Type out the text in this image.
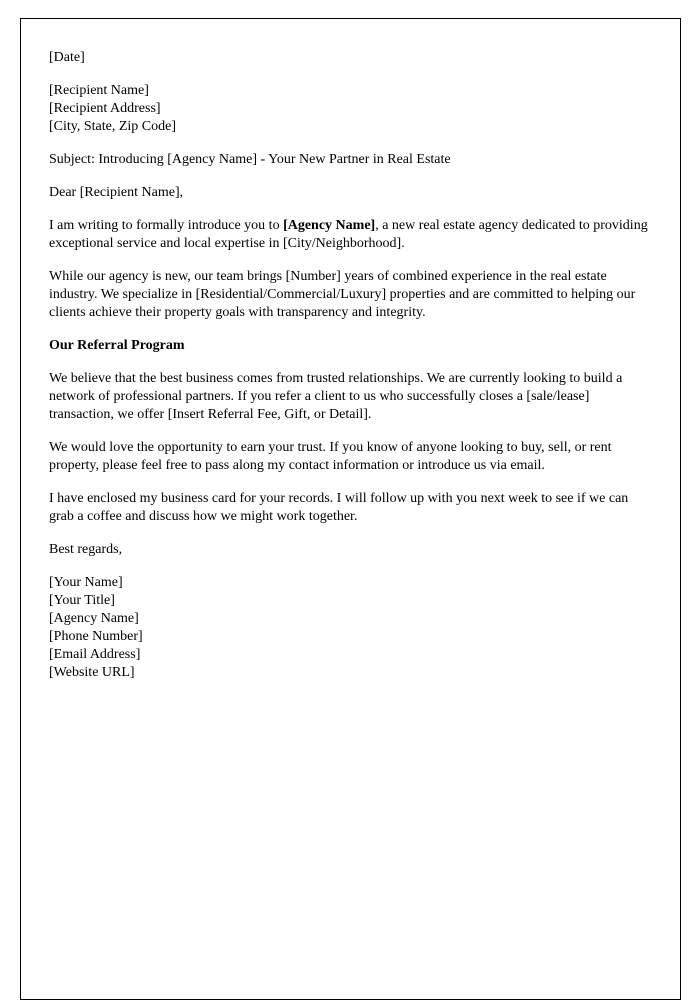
[Date]

[Recipient Name]

[Recipient Address]

[City, State, Zip Code]

Subject: Introducing [Agency Name] - Your New Partner in Real Estate

Dear [Recipient Name],

I am writing to formally introduce you to [Agency Name], a new real estate agency dedicated to providing exceptional service and local expertise in [City/Neighborhood].

While our agency is new, our team brings [Number] years of combined experience in the real estate industry. We specialize in [Residential/Commercial/Luxury] properties and are committed to helping our clients achieve their property goals with transparency and integrity.

Our Referral Program

We believe that the best business comes from trusted relationships. We are currently looking to build a network of professional partners. If you refer a client to us who successfully closes a [sale/lease] transaction, we offer [Insert Referral Fee, Gift, or Detail].

We would love the opportunity to earn your trust. If you know of anyone looking to buy, sell, or rent property, please feel free to pass along my contact information or introduce us via email.

I have enclosed my business card for your records. I will follow up with you next week to see if we can grab a coffee and discuss how we might work together.

Best regards,

[Your Name]

[Your Title]

[Agency Name]

[Phone Number]

[Email Address]

[Website URL]
